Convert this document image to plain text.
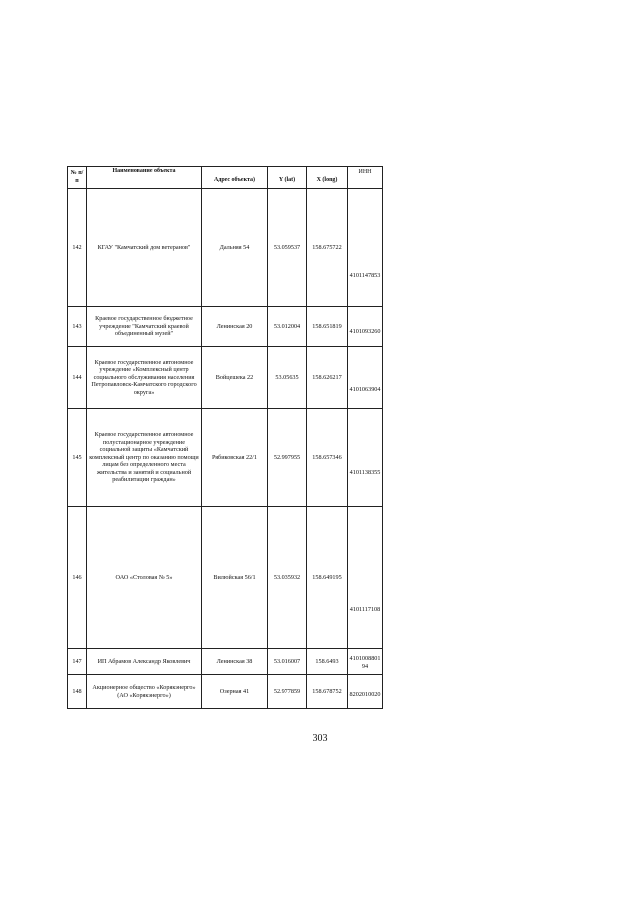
№ п/п	Наименование объекта	Адрес объекта)	Y (lat)	X (long)	ИНН
142	КГАУ "Камчатский дом ветеранов"	Дальняя 54	53.059537	158.675722	4101147853
143	Краевое государственное бюджетное учреждение "Камчатский краевой объединенный музей"	Ленинская 20	53.012004	158.651819	4101093260
144	Краевое государственное автономное учреждение «Комплексный центр социального обслуживания населения Петропавловск-Камчатского городского округа»	Войцешека 22	53.05635	158.626217	4101063904
145	Краевое государственное автономное полустационарное учреждение социальной защиты «Камчатский комплексный центр по оказанию помощи лицам без определенного места жительства и занятий и социальной реабилитации граждан»	Рябиковская 22/1	52.997955	158.657346	4101138355
146	ОАО «Столовая № 5»	Вилюйская 56/1	53.035932	158.649195	4101117108
147	ИП Абрамов Александр Яковлевич	Ленинская 38	53.016007	158.6493	410100880194
148	Акционерное общество «Корякэнерго» (АО «Корякэнерго»)	Озерная 41	52.977859	158.678752	8202010020
303
